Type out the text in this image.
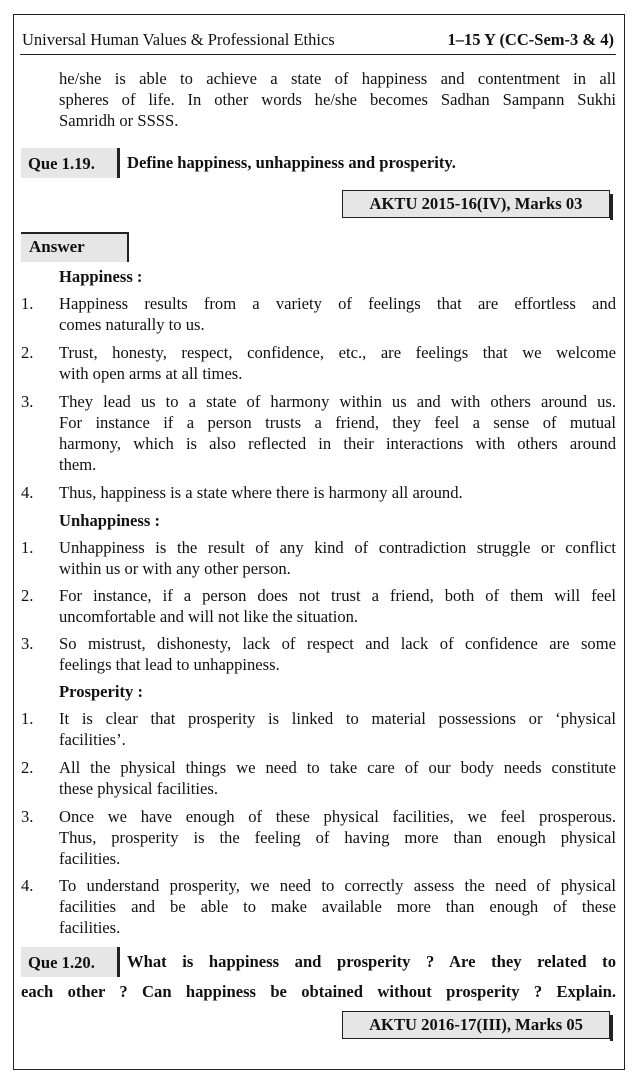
Universal Human Values & Professional Ethics	1–15 Y (CC-Sem-3 & 4)
he/she is able to achieve a state of happiness and contentment in all
spheres of life. In other words he/she becomes Sadhan Sampann Sukhi
Samridh or SSSS.
Que 1.19.	Define happiness, unhappiness and prosperity.
AKTU 2015-16(IV), Marks 03
Answer
Happiness :
1. Happiness results from a variety of feelings that are effortless and
comes naturally to us.
2. Trust, honesty, respect, confidence, etc., are feelings that we welcome
with open arms at all times.
3. They lead us to a state of harmony within us and with others around us.
For instance if a person trusts a friend, they feel a sense of mutual
harmony, which is also reflected in their interactions with others around
them.
4. Thus, happiness is a state where there is harmony all around.
Unhappiness :
1. Unhappiness is the result of any kind of contradiction struggle or conflict
within us or with any other person.
2. For instance, if a person does not trust a friend, both of them will feel
uncomfortable and will not like the situation.
3. So mistrust, dishonesty, lack of respect and lack of confidence are some
feelings that lead to unhappiness.
Prosperity :
1. It is clear that prosperity is linked to material possessions or ‘physical
facilities’.
2. All the physical things we need to take care of our body needs constitute
these physical facilities.
3. Once we have enough of these physical facilities, we feel prosperous.
Thus, prosperity is the feeling of having more than enough physical
facilities.
4. To understand prosperity, we need to correctly assess the need of physical
facilities and be able to make available more than enough of these
facilities.
Que 1.20.	What is happiness and prosperity ? Are they related to
each other ? Can happiness be obtained without prosperity ? Explain.
AKTU 2016-17(III), Marks 05
